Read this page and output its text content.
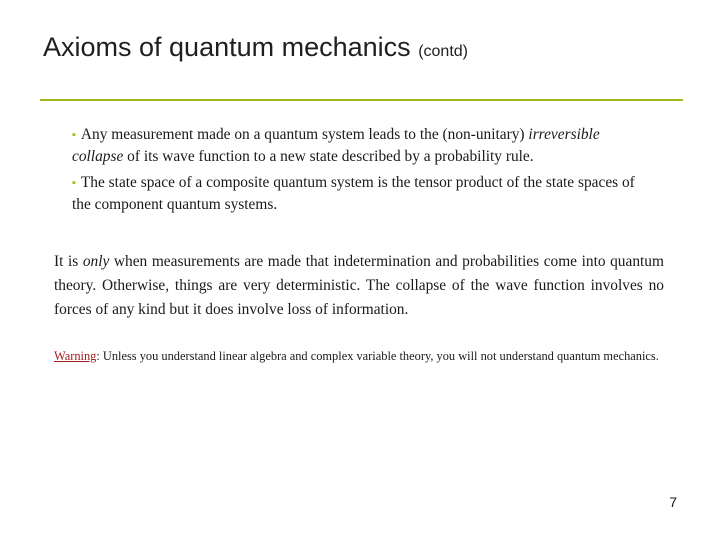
Axioms of quantum mechanics (contd)
▪ Any measurement made on a quantum system leads to the (non-unitary) irreversible collapse of its wave function to a new state described by a probability rule.
▪ The state space of a composite quantum system is the tensor product of the state spaces of the component quantum systems.
It is only when measurements are made that indetermination and probabilities come into quantum theory. Otherwise, things are very deterministic. The collapse of the wave function involves no forces of any kind but it does involve loss of information.
Warning: Unless you understand linear algebra and complex variable theory, you will not understand quantum mechanics.
7
